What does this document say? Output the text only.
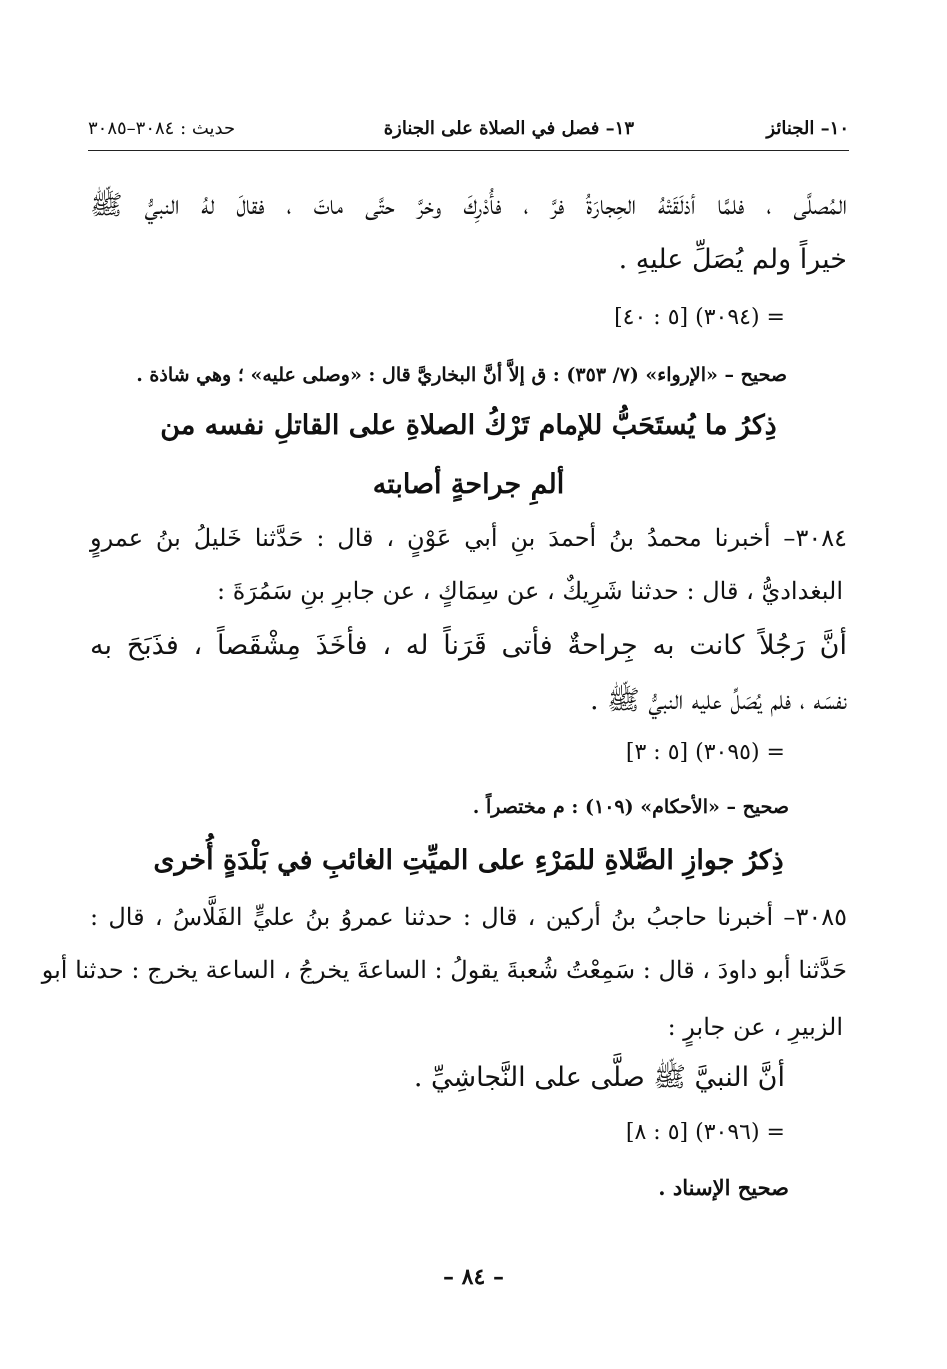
١٠– الجنائز
١٣– فصل في الصلاة على الجنازة
حديث : ٣٠٨٤–٣٠٨٥
المُصلَّى ، فلمَّا أذلَقَتْهُ الحِجارَةُ فرَّ ، فأُدْرِكَ وخرَّ حتَّى ماتَ ، فقالَ لهُ النبيُّ ﷺ
خيراً ولم يُصَلِّ عليهِ .
= (٣٠٩٤) [٥ : ٤٠]
صحيح – «الإرواء» (٧/ ٣٥٣) : ق إلاَّ أنَّ البخاريَّ قال : «وصلى عليه» ؛ وهي شاذة .
ذِكرُ ما يُستَحَبُّ للإمام تَرْكُ الصلاةِ على القاتلِ نفسه من
ألمِ جراحةٍ أصابته
٣٠٨٤– أخبرنا محمدُ بنُ أحمدَ بنِ أبي عَوْنٍ ، قال : حَدَّثنا خَليلُ بنُ عمروٍ
البغداديُّ ، قال : حدثنا شَرِيكٌ ، عن سِمَاكٍ ، عن جابرِ بنِ سَمُرَةَ :
أنَّ رَجُلاً كانت به جِراحةٌ فأتى قَرَناً له ، فأخَذَ مِشْقَصاً ، فذَبَحَ به
نفسَه ، فلم يُصَلِّ عليه النبيُّ ﷺ .
= (٣٠٩٥) [٥ : ٣]
صحيح – «الأحكام» (١٠٩) : م مختصراً .
ذِكرُ جوازِ الصَّلاةِ للمَرْءِ على الميِّتِ الغائبِ في بَلْدَةٍ أُخرى
٣٠٨٥– أخبرنا حاجبُ بنُ أركين ، قال : حدثنا عمروُ بنُ عليٍّ الفَلَّاسُ ، قال :
حَدَّثنا أبو داودَ ، قال : سَمِعْتُ شُعبةَ يقولُ : الساعةَ يخرجُ ، الساعة يخرج : حدثنا أبو
الزبيرِ ، عن جابرٍ :
أنَّ النبيَّ ﷺ صلَّى على النَّجاشِيِّ .
= (٣٠٩٦) [٥ : ٨]
صحيح الإسناد .
– ٨٤ –
